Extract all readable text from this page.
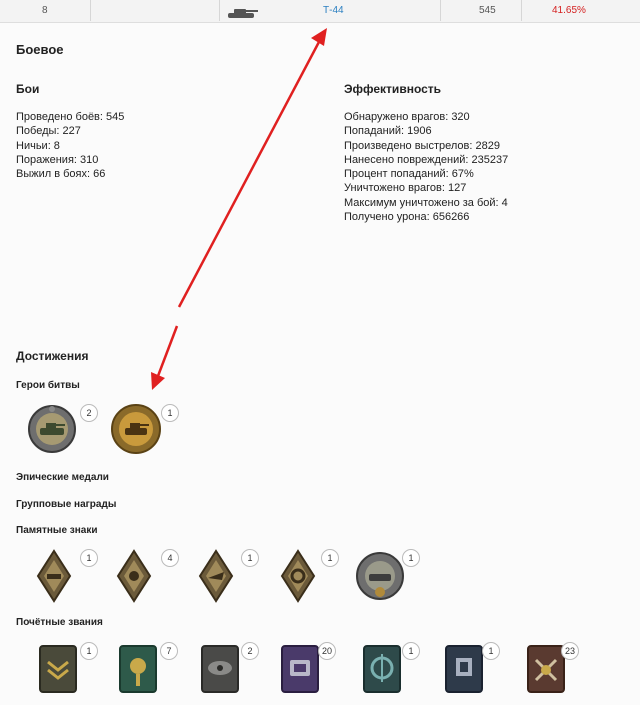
8	Т-44	545	41.65%
Боевое
Бои
Проведено боёв: 545
Победы: 227
Ничьи: 8
Поражения: 310
Выжил в боях: 66
Эффективность
Обнаружено врагов: 320
Попаданий: 1906
Произведено выстрелов: 2829
Нанесено повреждений: 235237
Процент попаданий: 67%
Уничтожено врагов: 127
Максимум уничтожено за бой: 4
Получено урона: 656266
Достижения
Герои битвы
2	1
Эпические медали
Групповые награды
Памятные знаки
1	4	1	1	1
Почётные звания
1	7	2	20	1	1	23
